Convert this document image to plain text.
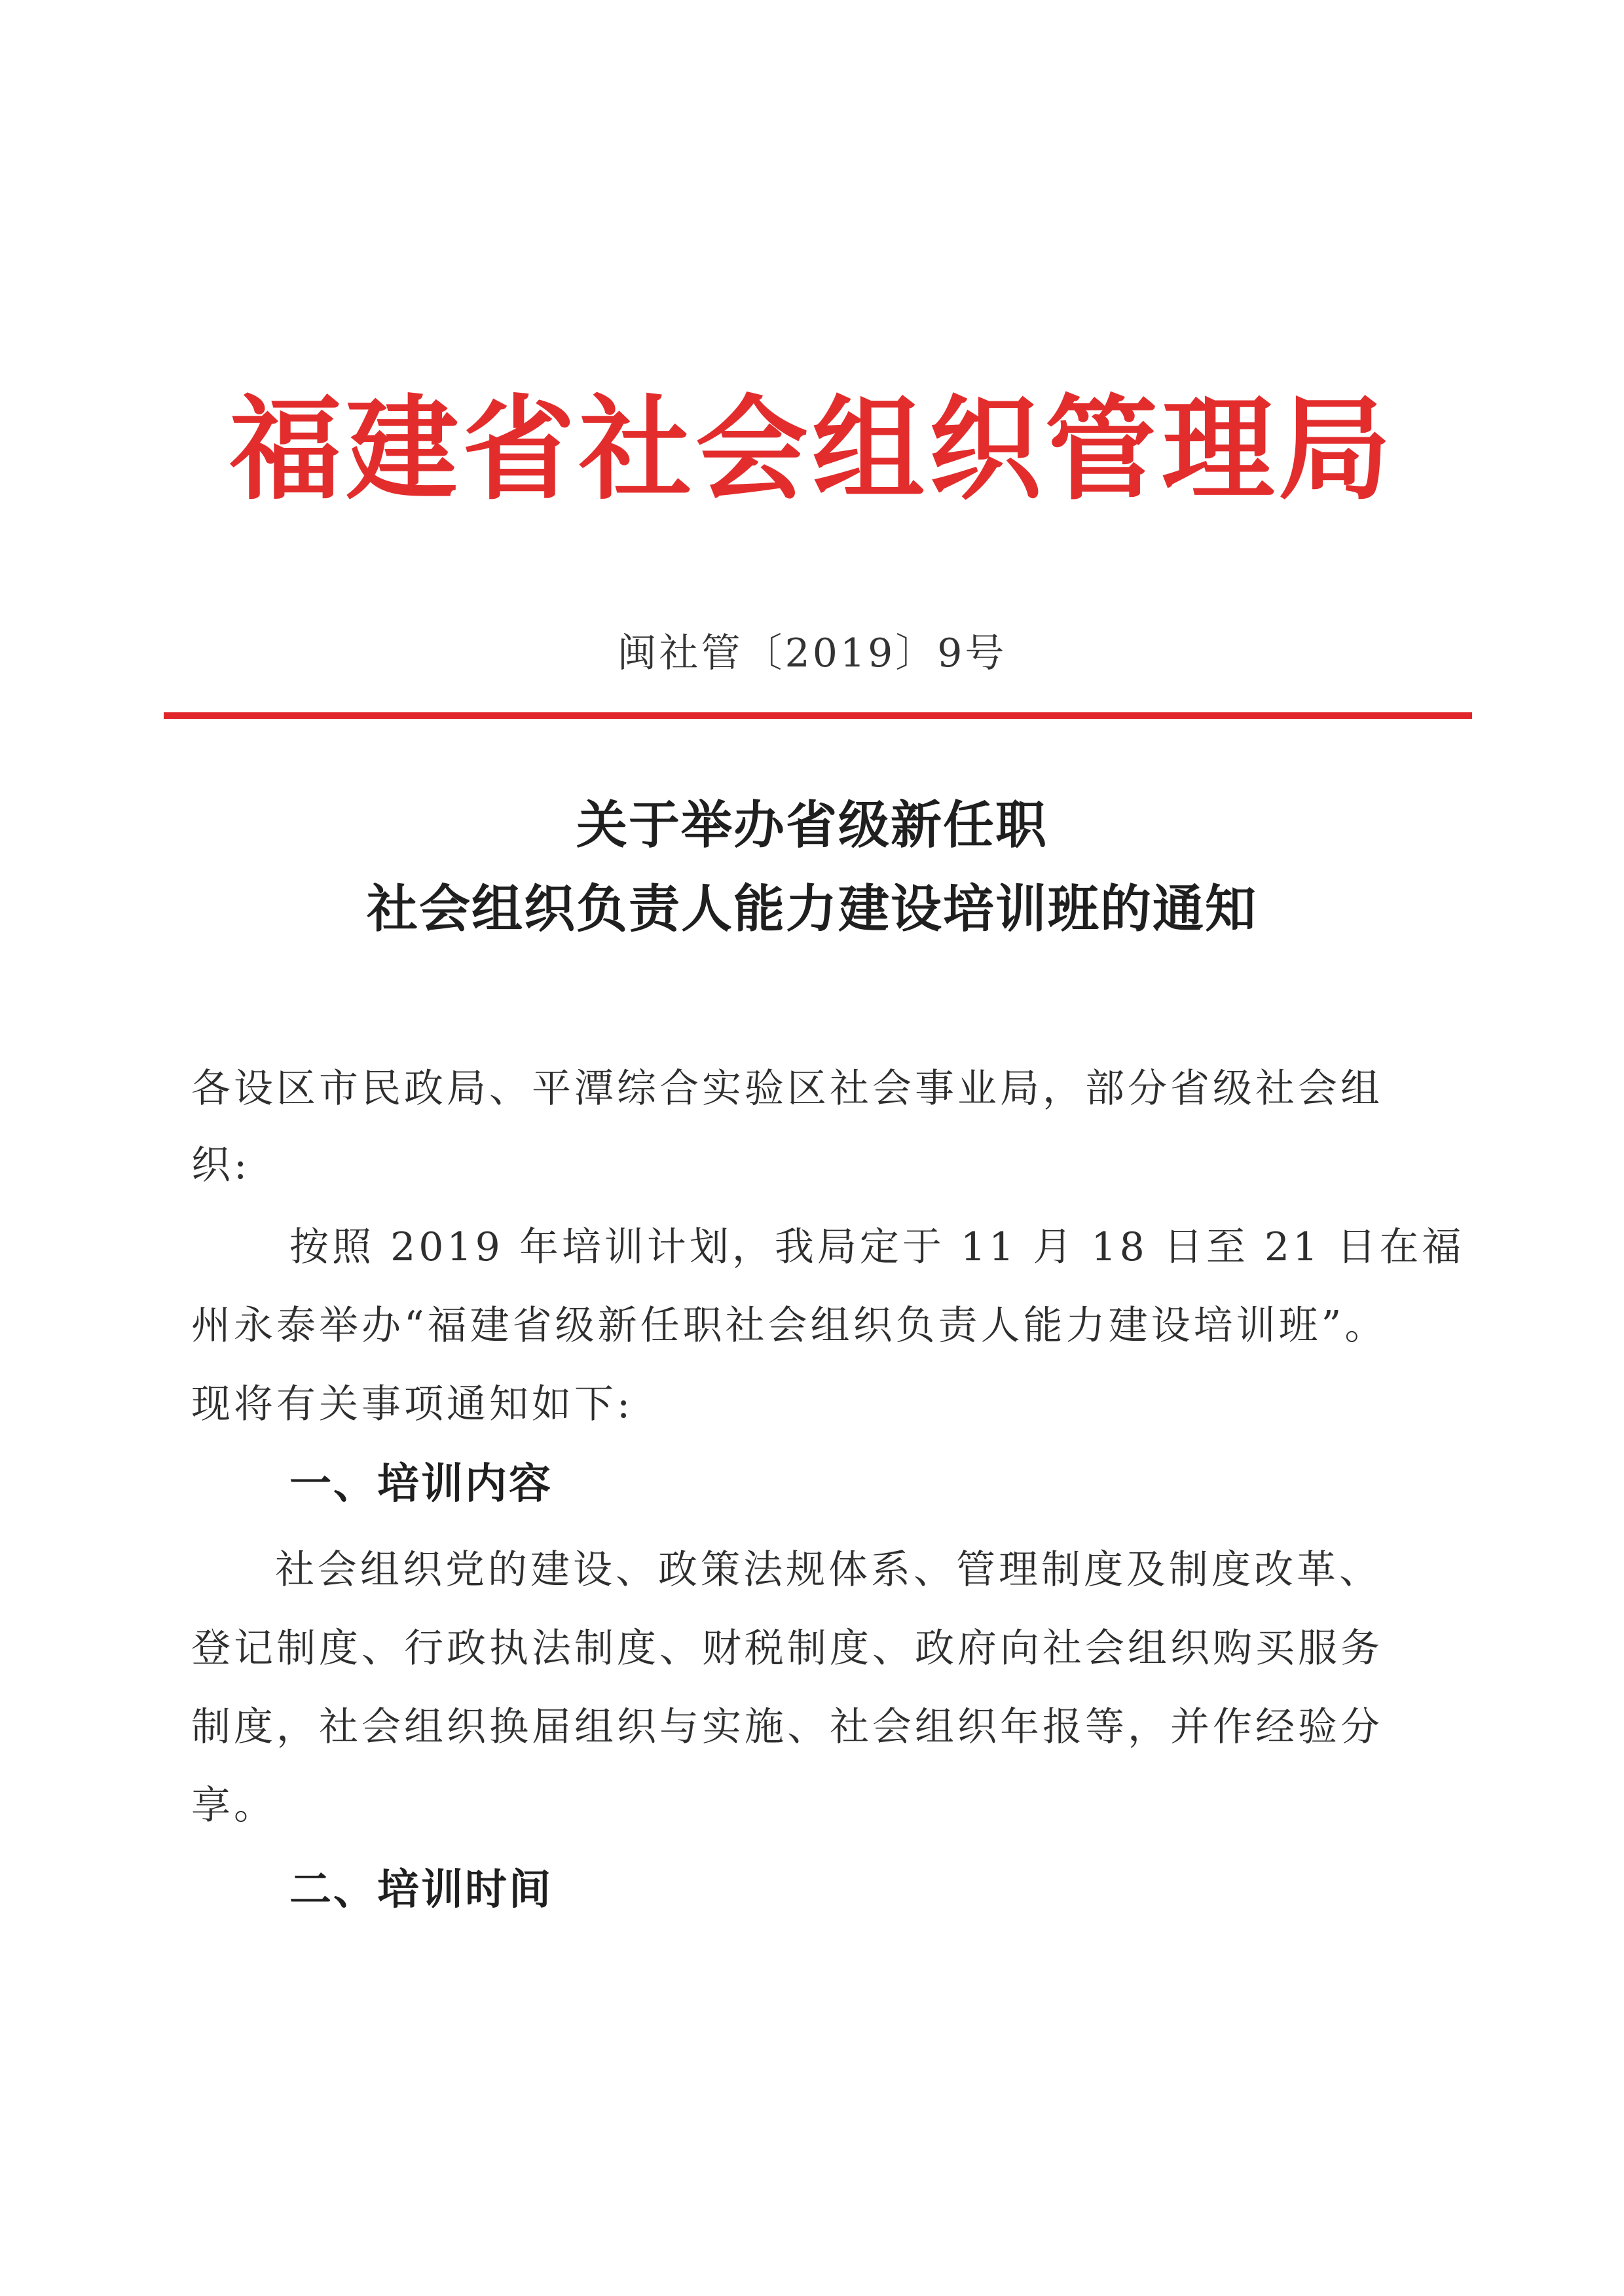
福建省社会组织管理局
闽社管〔2019〕9号
关于举办省级新任职
社会组织负责人能力建设培训班的通知
各设区市民政局、平潭综合实验区社会事业局，部分省级社会组
织:
按照 2019 年培训计划，我局定于 11 月 18 日至 21 日在福
州永泰举办“福建省级新任职社会组织负责人能力建设培训班”。
现将有关事项通知如下:
一、培训内容
社会组织党的建设、政策法规体系、管理制度及制度改革、
登记制度、行政执法制度、财税制度、政府向社会组织购买服务
制度，社会组织换届组织与实施、社会组织年报等，并作经验分
享。
二、培训时间
